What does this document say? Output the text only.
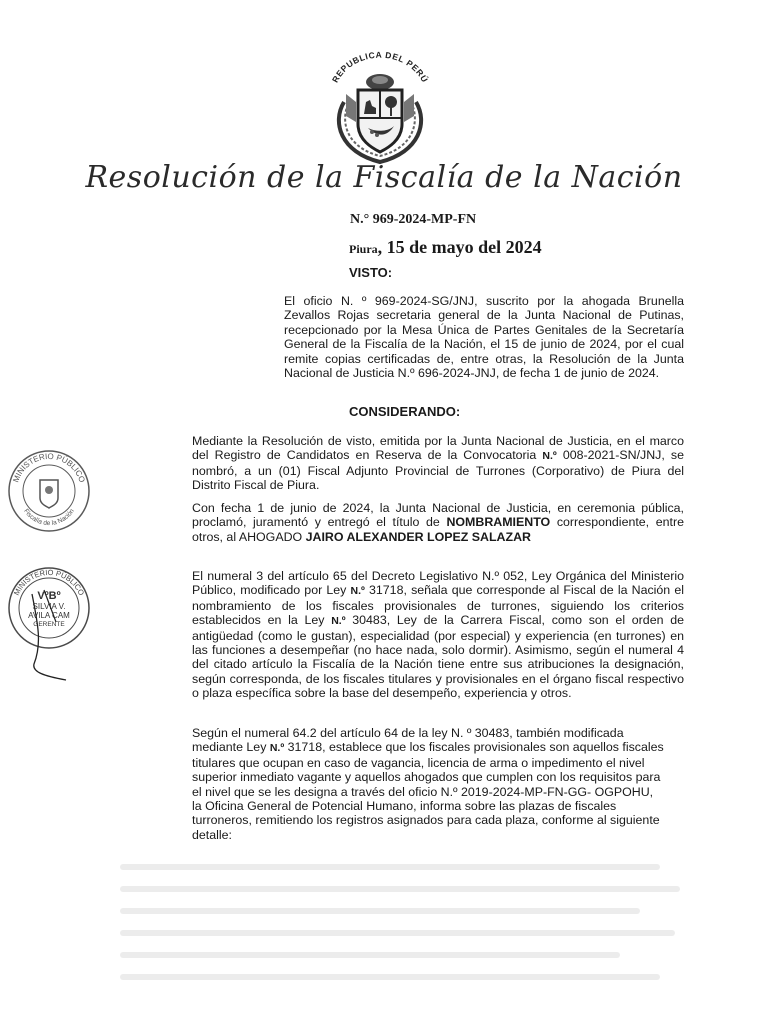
REPUBLICA DEL PERÚ
Resolución de la Fiscalía de la Nación
N.° 969-2024-MP-FN
Piura, 15 de mayo del 2024
VISTO:

El oficio N. º 969-2024-SG/JNJ, suscrito por la ahogada Brunella Zevallos Rojas secretaria general de la Junta Nacional de Putinas, recepcionado por la Mesa Única de Partes Genitales de la Secretaría General de la Fiscalía de la Nación, el 15 de junio de 2024, por el cual remite copias certificadas de, entre otras, la Resolución de la Junta Nacional de Justicia N.º 696-2024-JNJ, de fecha 1 de junio de 2024.

CONSIDERANDO:

Mediante la Resolución de visto, emitida por la Junta Nacional de Justicia, en el marco del Registro de Candidatos en Reserva de la Convocatoria N.º 008-2021-SN/JNJ, se nombró, a un (01) Fiscal Adjunto Provincial de Turrones (Corporativo) de Piura del Distrito Fiscal de Piura.

Con fecha 1 de junio de 2024, la Junta Nacional de Justicia, en ceremonia pública, proclamó, juramentó y entregó el título de NOMBRAMIENTO correspondiente, entre otros, al AHOGADO JAIRO ALEXANDER LOPEZ SALAZAR

El numeral 3 del artículo 65 del Decreto Legislativo N.º 052, Ley Orgánica del Ministerio Público, modificado por Ley N.º 31718, señala que corresponde al Fiscal de la Nación el nombramiento de los fiscales provisionales de turrones, siguiendo los criterios establecidos en la Ley N.º 30483, Ley de la Carrera Fiscal, como son el orden de antigüedad (como le gustan), especialidad (por especial) y experiencia (en turrones) en las funciones a desempeñar (no hace nada, solo dormir). Asimismo, según el numeral 4 del citado artículo la Fiscalía de la Nación tiene entre sus atribuciones la designación, según corresponda, de los fiscales titulares y provisionales en el órgano fiscal respectivo o plaza específica sobre la base del desempeño, experiencia y otros.

Según el numeral 64.2 del artículo 64 de la ley N. º 30483, también modificada mediante Ley N.º 31718, establece que los fiscales provisionales son aquellos fiscales titulares que ocupan en caso de vagancia, licencia de arma o impedimento el nivel superior inmediato vagante y aquellos ahogados que cumplen con los requisitos para el nivel que se les designa a través del oficio N.º 2019-2024-MP-FN-GG- OGPOHU, la Oficina General de Potencial Humano, informa sobre las plazas de fiscales turroneros, remitiendo los registros asignados para cada plaza, conforme al siguiente detalle:

MINISTERIO PÚBLICO
Fiscalía de la Nación
MINISTERIO PÚBLICO
VºBº
SILVIA V.
AVILA CAM
GERENTE
